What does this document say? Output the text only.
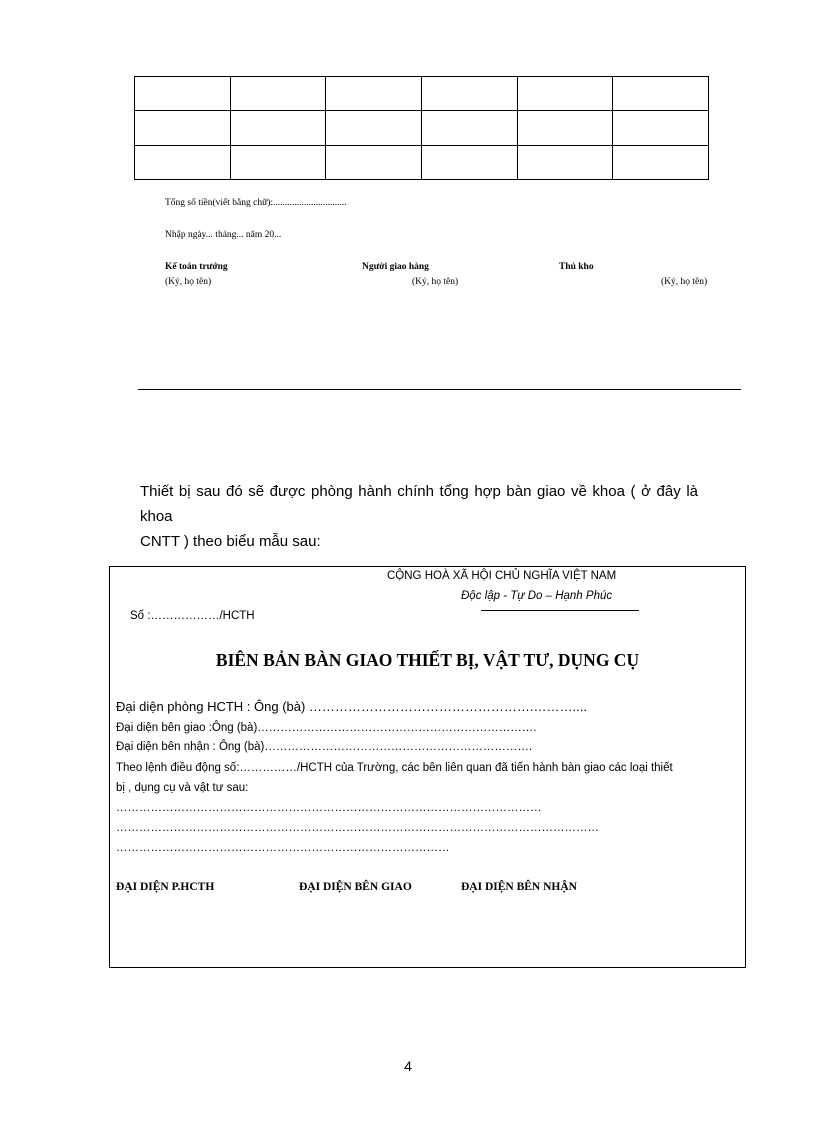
Tổng số tiền(viết bằng chữ):...............................
Nhập ngày... tháng... năm 20...
Kế toán trưởng	Người giao hàng	Thủ kho
(Ký, họ tên)	(Ký, họ tên)	(Ký, họ tên)
Thiết bị sau đó sẽ được phòng hành chính tổng hợp bàn giao về khoa ( ở đây là khoa
CNTT ) theo biểu mẫu sau:
CỘNG HOÀ XÃ HỘI CHỦ NGHĨA VIỆT NAM
Độc lập - Tự Do – Hạnh Phúc
Số :………………/HCTH
BIÊN BẢN BÀN GIAO THIẾT BỊ, VẬT TƯ, DỤNG CỤ
Đại diện phòng HCTH : Ông (bà) …………………………………………….………....
Đại diện bên giao :Ông (bà)……………………………………………………………….
Đại diện bên nhận : Ông (bà)…………………………………………………………….
Theo lệnh điều động số:……………/HCTH của Trường, các bên liên quan đã tiến hành bàn giao các loại thiết
bị , dụng cụ và vật tư sau:
…………………………………………………………………………………………………
………………………………………………………………………………………………………………
……………………………………………………………………………
ĐẠI DIỆN P.HCTH	ĐẠI DIỆN BÊN GIAO	ĐẠI DIỆN BÊN NHẬN
4
